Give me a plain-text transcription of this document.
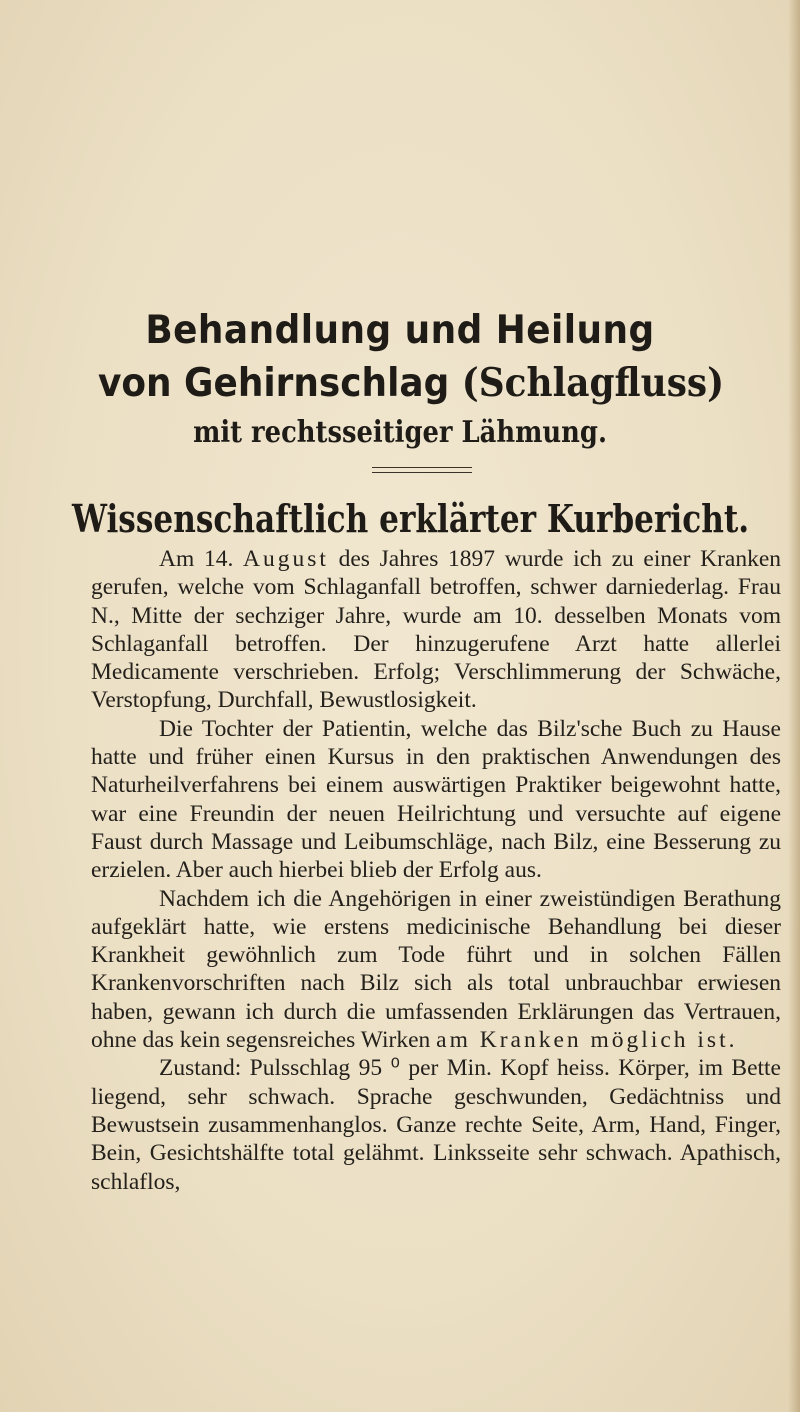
Behandlung und Heilung
von Gehirnschlag (Schlagfluss)
mit rechtsseitiger Lähmung.
Wissenschaftlich erklärter Kurbericht.

Am 14. August des Jahres 1897 wurde ich zu einer Kranken gerufen, welche vom Schlaganfall betroffen, schwer darniederlag. Frau N., Mitte der sechziger Jahre, wurde am 10. desselben Monats vom Schlaganfall betroffen. Der hinzugerufene Arzt hatte allerlei Medicamente verschrieben. Erfolg; Verschlimmerung der Schwäche, Verstopfung, Durchfall, Bewustlosigkeit.

Die Tochter der Patientin, welche das Bilz'sche Buch zu Hause hatte und früher einen Kursus in den praktischen Anwendungen des Naturheilverfahrens bei einem auswärtigen Praktiker beigewohnt hatte, war eine Freundin der neuen Heilrichtung und versuchte auf eigene Faust durch Massage und Leibumschläge, nach Bilz, eine Besserung zu erzielen. Aber auch hierbei blieb der Erfolg aus.

Nachdem ich die Angehörigen in einer zweistündigen Berathung aufgeklärt hatte, wie erstens medicinische Behandlung bei dieser Krankheit gewöhnlich zum Tode führt und in solchen Fällen Krankenvorschriften nach Bilz sich als total unbrauchbar erwiesen haben, gewann ich durch die umfassenden Erklärungen das Vertrauen, ohne das kein segensreiches Wirken am Kranken möglich ist.

Zustand: Pulsschlag 95 ⁰ per Min. Kopf heiss. Körper, im Bette liegend, sehr schwach. Sprache geschwunden, Gedächtniss und Bewustsein zusammenhanglos. Ganze rechte Seite, Arm, Hand, Finger, Bein, Gesichtshälfte total gelähmt. Linksseite sehr schwach. Apathisch, schlaflos,
